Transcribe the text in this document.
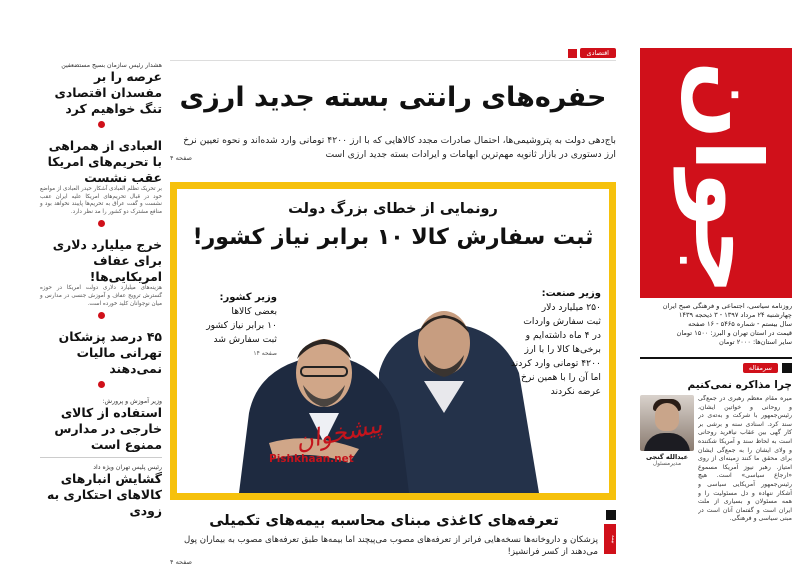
جوان
روزنامه سیاسی، اجتماعی و فرهنگی صبح ایران
چهارشنبه ۲۴ مرداد ۱۳۹۷ - ۳ ذیحجه ۱۴۳۹
سال بیستم - شماره ۵۴۶۵ - ۱۶ صفحه
قیمت در استان تهران و البرز: ۱۵۰۰ تومان
سایر استان‌ها: ۲۰۰۰ تومان
سرمقاله
چرا مذاکره نمی‌کنیم
میره مقام معظم رهبری در جمع‌گی و روحانی و خواتین ایشان، رئیس‌جمهور با شرکت و به‌ته‌ی در سند کرد. اسنادی سنه و برشی بر کار گهی بین عقاب نیافرید روحانی است به لحاظ سند و آمریکا شکننده و ولای ایشان را به جمع‌گی ایشان برای محقق ما کنند زمینه‌ای از روی امتیاز. رهبر نیوز آمریکا مسموع «ارجاع سیاسی» است. هیچ رئیس‌جمهور آمریکایی سیاسی و آشکار ننهاده و دل مسئولیت را و همه مسئولان و بسیاری از ملت ایران است و گفتمان آنان است در مبنی سیاسی و فرهنگی.
عبدالله گنجی
مدیرمسئول
اقتصادی
حفره‌های رانتی بسته جدید ارزی
باج‌دهی دولت به پتروشیمی‌ها، احتمال صادرات مجدد کالاهایی که با ارز ۴۲۰۰ تومانی وارد شده‌اند و نحوه تعیین نرخ ارز دستوری در بازار ثانویه مهم‌ترین ابهامات و ایرادات بسته جدید ارزی است
صفحه ۴
رونمایی از خطای بزرگ دولت
ثبت سفارش کالا ۱۰ برابر نیاز کشور!
وزیر صنعت:
۲۵۰ میلیارد دلار
ثبت سفارش واردات
در ۴ ماه داشته‌ایم و
برخی‌ها کالا را با ارز
۴۲۰۰ تومانی وارد کردند
اما آن را با همین نرخ
عرضه نکردند
وزیر کشور:
بعضی کالاها
۱۰ برابر نیاز کشور
ثبت سفارش شد
صفحه ۱۴
پیشخوان
Pishkhaan.net
بیمه
تعرفه‌های کاغذی مبنای محاسبه بیمه‌های تکمیلی
پزشکان و داروخانه‌ها نسخه‌هایی فراتر از تعرفه‌های مصوب می‌پیچند اما بیمه‌ها طبق تعرفه‌های مصوب به بیماران پول می‌دهند از کسر فرانشیز!
صفحه ۴
هشدار رئیس سازمان بسیج مستضعفین
عرصه را بر مفسدان اقتصادی تنگ خواهیم کرد
العبادی از همراهی با تحریم‌های امریکا عقب نشست
بر تحریک تظلم العبادی آشکار حیدر العبادی از مواضع خود در قبال تحریم‌های امریکا علیه ایران عقب نشست و گفت عراق به تحریم‌ها پایبند نخواهد بود و منافع مشترک دو کشور را مد نظر دارد.
خرج میلیارد دلاری برای عفاف امریکایی‌ها!
هزینه‌های میلیارد دلاری دولت امریکا در حوزه گسترش ترویج عفاف و آموزش جنسی در مدارس و میان نوجوانان کلید خورده است.
۴۵ درصد پزشکان تهرانی مالیات نمی‌دهند
وزیر آموزش و پرورش:
استفاده از کالای خارجی در مدارس ممنوع است
رئیس پلیس تهران ویژه داد
گشایش انبارهای کالاهای احتکاری به زودی
